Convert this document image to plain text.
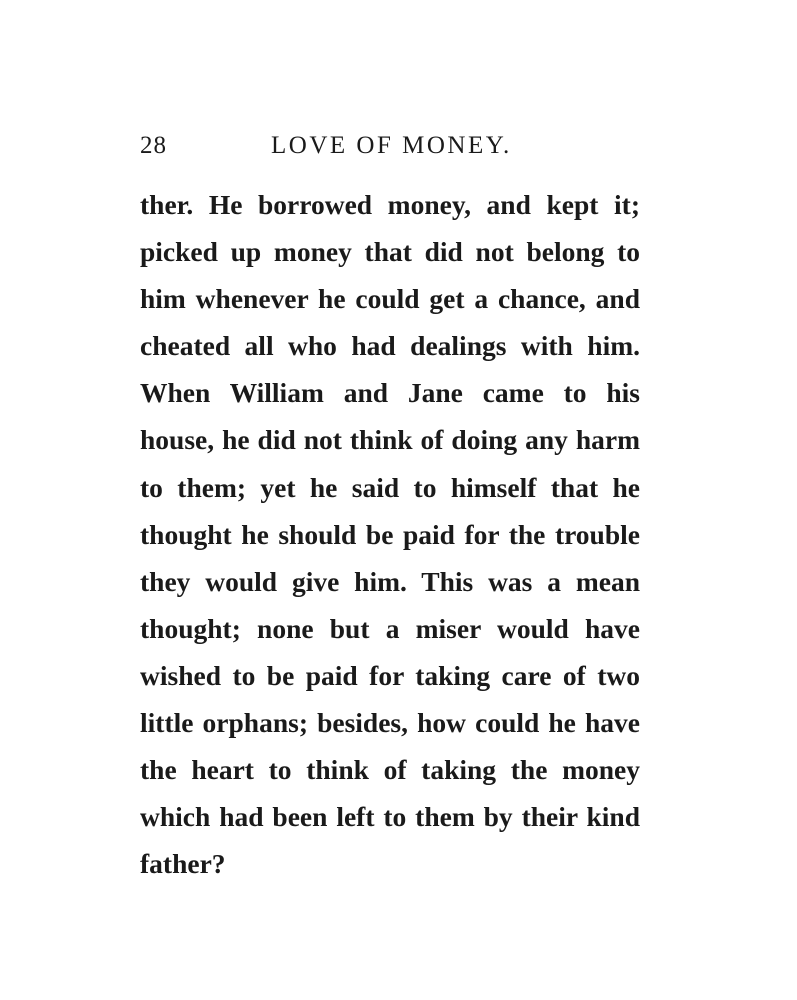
28	LOVE OF MONEY.
ther. He borrowed money, and kept it;
picked up money that did not belong to
him whenever he could get a chance, and
cheated all who had dealings with him.
When William and Jane came to his
house, he did not think of doing any harm
to them; yet he said to himself that he
thought he should be paid for the trouble
they would give him. This was a mean
thought; none but a miser would have
wished to be paid for taking care of two
little orphans; besides, how could he have
the heart to think of taking the money
which had been left to them by their kind
father?
